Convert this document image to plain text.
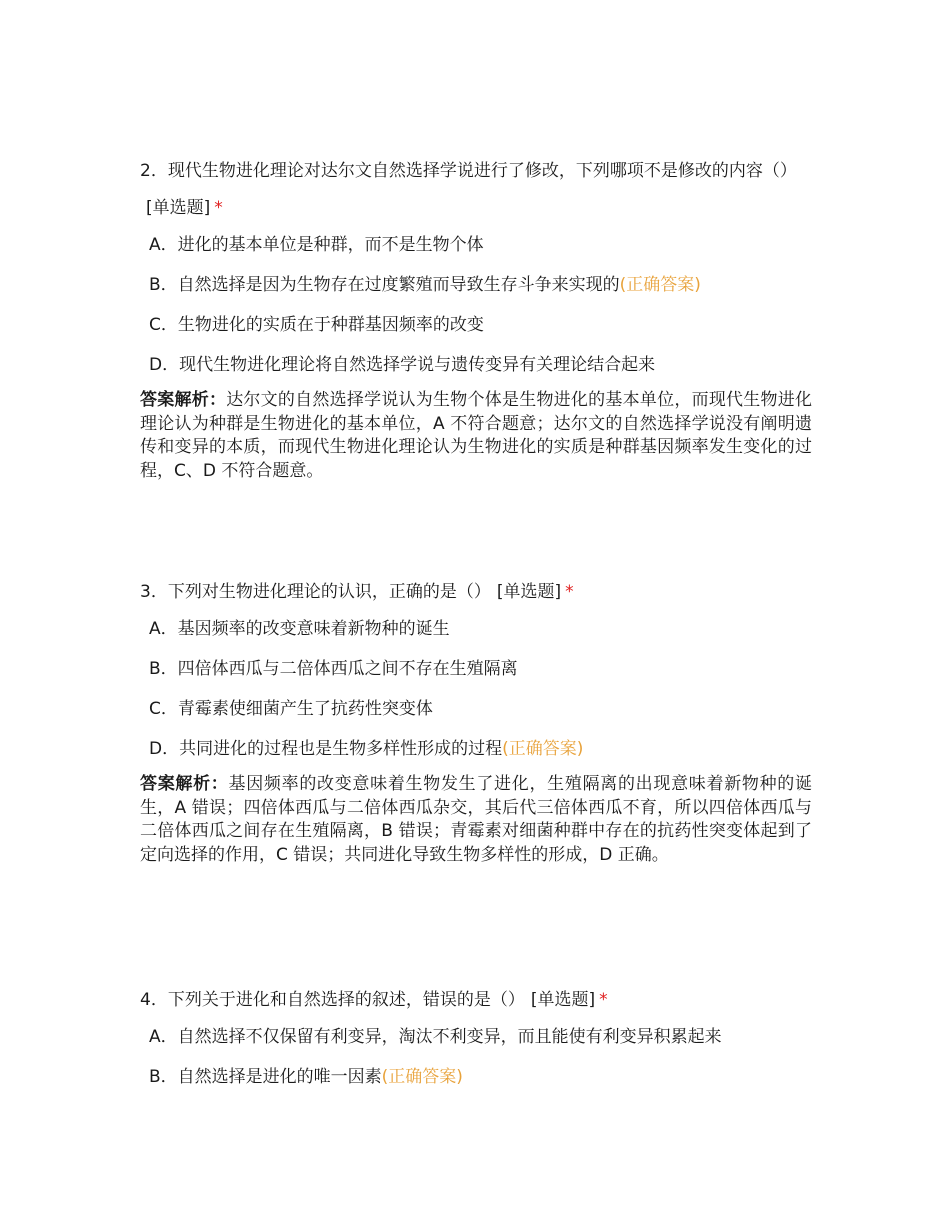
2．现代生物进化理论对达尔文自然选择学说进行了修改，下列哪项不是修改的内容（）[单选题] *

A．进化的基本单位是种群，而不是生物个体
B．自然选择是因为生物存在过度繁殖而导致生存斗争来实现的(正确答案)
C．生物进化的实质在于种群基因频率的改变
D．现代生物进化理论将自然选择学说与遗传变异有关理论结合起来

答案解析：达尔文的自然选择学说认为生物个体是生物进化的基本单位，而现代生物进化理论认为种群是生物进化的基本单位，A 不符合题意；达尔文的自然选择学说没有阐明遗传和变异的本质，而现代生物进化理论认为生物进化的实质是种群基因频率发生变化的过程，C、D 不符合题意。

3．下列对生物进化理论的认识，正确的是（） [单选题] *

A．基因频率的改变意味着新物种的诞生
B．四倍体西瓜与二倍体西瓜之间不存在生殖隔离
C．青霉素使细菌产生了抗药性突变体
D．共同进化的过程也是生物多样性形成的过程(正确答案)

答案解析：基因频率的改变意味着生物发生了进化，生殖隔离的出现意味着新物种的诞生，A 错误；四倍体西瓜与二倍体西瓜杂交，其后代三倍体西瓜不育，所以四倍体西瓜与二倍体西瓜之间存在生殖隔离，B 错误；青霉素对细菌种群中存在的抗药性突变体起到了定向选择的作用，C 错误；共同进化导致生物多样性的形成，D 正确。

4．下列关于进化和自然选择的叙述，错误的是（） [单选题] *

A．自然选择不仅保留有利变异，淘汰不利变异，而且能使有利变异积累起来
B．自然选择是进化的唯一因素(正确答案)
